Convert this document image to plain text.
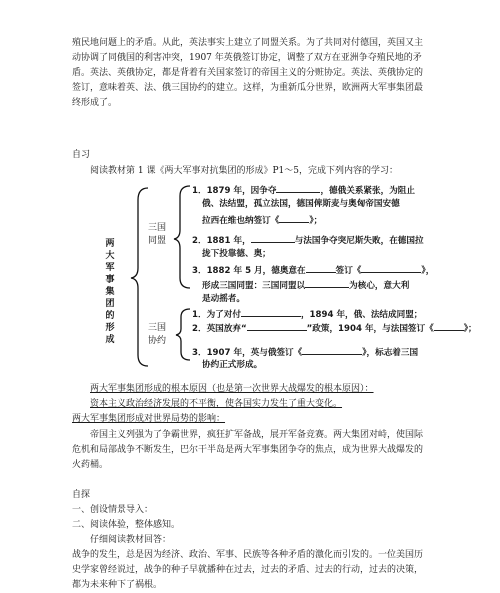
殖民地问题上的矛盾。从此，英法事实上建立了同盟关系。为了共同对付德国，英国又主动协调了同俄国的利害冲突，1907 年英俄签订协定，调整了双方在亚洲争夺殖民地的矛盾。英法、英俄协定，都是背着有关国家签订的帝国主义的分赃协定。英法、英俄协定的签订，意味着英、法、俄三国协约的建立。这样，为重新瓜分世界，欧洲两大军事集团最终形成了。

自习

阅读教材第 1 课《两大军事对抗集团的形成》P1～5，完成下列内容的学习：

两大军事集团的形成
三国
同盟
三国
协约
1．1879 年，因争夺	，德俄关系紧张，为阻止
俄、法结盟，孤立法国，德国俾斯麦与奥匈帝国安德
拉西在维也纳签订《	》；
2．1881 年，	与法国争夺突尼斯失败，在德国拉
拢下投靠德、奥；
3．1882 年 5 月，德奥意在	签订《	》，
形成三国同盟：三国同盟以	为核心，意大利
是动摇者。
1．为了对付	，1894 年，俄、法结成同盟；
2．英国放弃“	”政策，1904 年，与法国签订《	》；
3．1907 年，英与俄签订《	》，标志着三国
协约正式形成。

两大军事集团形成的根本原因（也是第一次世界大战爆发的根本原因）：

资本主义政治经济发展的不平衡，使各国实力发生了重大变化。

两大军事集团形成对世界局势的影响：

帝国主义列强为了争霸世界，疯狂扩军备战，展开军备竞赛。两大集团对峙，使国际危机和局部战争不断发生，巴尔干半岛是两大军事集团争夺的焦点，成为世界大战爆发的火药桶。

自探

一、创设情景导入：

二、阅读体验，整体感知。

仔细阅读教材回答：

战争的发生，总是因为经济、政治、军事、民族等各种矛盾的激化而引发的。一位美国历史学家曾经说过，战争的种子早就播种在过去，过去的矛盾、过去的行动，过去的决策，都为未来种下了祸根。
